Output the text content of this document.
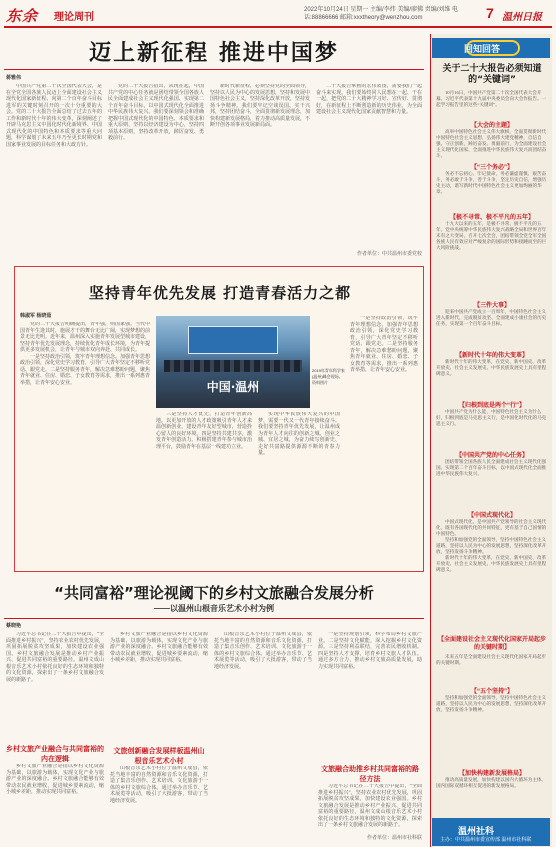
东余 理论周刊
2022年10月24日 星期一 主编/李炜 美编/廖佛 责编/刘维 电话:88866666 邮箱:xxxtheory@wenzhou.com	7 温州日报
迈上新征程 推进中国梦
蒋雅伟

中国共产党第二十次全国代表大会，是在全党全国各族人民迈上全面建设社会主义现代化国家新征程、向第二个百年奋斗目标进军的关键时刻召开的一次十分重要的大会。党的二十大报告全面总结了过去五年的工作和新时代十年的伟大变革，深刻阐述了开辟马克思主义中国化时代化新境界、中国式现代化的中国特色和本质要求等重大问题，科学谋划了未来五年乃至更长时期党和国家事业发展的目标任务和大政方针。

党的二十大报告指出，从现在起，中国共产党的中心任务就是团结带领全国各族人民全面建成社会主义现代化强国、实现第二个百年奋斗目标，以中国式现代化全面推进中华民族伟大复兴。我们要深刻领会和准确把握中国式现代化的中国特色、本质要求和重大原则，坚持以经济建设为中心，坚持四项基本原则，坚持改革开放，踔厉奋发、勇毅前行。

新时代新征程，必须坚持党的全面领导，坚持以人民为中心的发展思想，坚持和发展中国特色社会主义，坚持深化改革开放，坚持发扬斗争精神。我们要牢记空谈误国、实干兴邦，坚持团结奋斗，全面贯彻新发展理念，加快构建新发展格局，着力推动高质量发展，不断开创各项事业发展新局面。

二十大报告擘画的宏伟蓝图，需要我们一起奋斗来实现。我们要始终同人民想在一起、干在一起，把党的二十大精神学习好、宣传好、贯彻好，在新征程上不断创造新的历史伟业，为全面建设社会主义现代化国家贡献智慧和力量。

作者单位：中共温州市委党校
坚持青年优先发展 打造青春活力之都
韩淑军 杨晓茹

党的二十大报告明确提出，青年强，则国家强。当代中国青年生逢其时，施展才干的舞台无比广阔，实现梦想的前景无比光明。近年来，温州深入实施青年发展型城市建设，坚持青年优先发展理念，持续优化青年成长环境，为青年提供更多发展机会，让青年与城市双向奔赴、共同成长。

一是坚持政治引领，筑牢青年理想信念。加强青年思想政治引领，深化党史学习教育，引导广大青年坚定不移听党话、跟党走。二是坚持服务青年，解决急难愁盼问题，聚焦青年就业、住房、婚恋、子女教育等需求，推出一系列惠青举措，让青年安心安业。	中国·温州
2019年青年科学家(温州)峰会现场。资料图片

三是坚持人才优先，打造青年创新高地。以更加开放的人才政策吸引青年人才来温创新创业，建设青年友好型城市，营造拴心留人的良好环境。四是坚持共建共享，激发青年创造活力。积极搭建青年参与城市治理平台，鼓励青年在基层一线建功立业。

实现中华民族伟大复兴的中国梦，需要一代又一代青年接续奋斗。我们要坚持青年优先发展，让温州成为青年人才向往的创新之城、创业之城、宜居之城，为奋力续写创新史、走好共富路提供源源不断的青春力量。

一是坚持政治引领，筑牢青年理想信念。加强青年思想政治引领，深化党史学习教育，引导广大青年坚定不移听党话、跟党走。二是坚持服务青年，解决急难愁盼问题，聚焦青年就业、住房、婚恋、子女教育等需求，推出一系列惠青举措，让青年安心安业。

“共同富裕”理论视阈下的乡村文旅融合发展分析
——以温州山根音乐艺术小村为例
蔡晓艳

习近平总书记在二十大报告中提出，“全面推进乡村振兴”，坚持农业农村优先发展，巩固拓展脱贫攻坚成果，加快建设农业强国。乡村文旅融合发展是推动乡村产业振兴、促进共同富裕的重要路径。温州文成山根音乐艺术小村依托良好的生态环境和独特的文化资源，探索出了一条乡村文旅融合发展的新路子。

乡村文旅产业融合与共同富裕的内在逻辑

乡村文旅产业融合是指以乡村文化资源为基础，以旅游为载体，实现文化产业与旅游产业的深度融合。乡村文旅融合能够有效带动农民就业增收，促进城乡要素流动，缩小城乡差距，推动实现共同富裕。

乡村文旅产业融合是指以乡村文化资源为基础，以旅游为载体，实现文化产业与旅游产业的深度融合。乡村文旅融合能够有效带动农民就业增收，促进城乡要素流动，缩小城乡差距，推动实现共同富裕。

文旅创新融合发展样板温州山根音乐艺术小村

山根音乐艺术小村位于温州文成县，依托当地丰富的自然资源和音乐文化资源，打造了集音乐创作、艺术培训、文化旅游于一体的乡村文旅综合体。通过举办音乐节、艺术展览等活动，吸引了大批游客，带动了当地经济发展。

山根音乐艺术小村位于温州文成县，依托当地丰富的自然资源和音乐文化资源，打造了集音乐创作、艺术培训、文化旅游于一体的乡村文旅综合体。通过举办音乐节、艺术展览等活动，吸引了大批游客，带动了当地经济发展。

一是坚持规划引领，科学布局乡村文旅产业。二是坚持文化赋能，深入挖掘乡村文化资源。三是坚持利益联结，完善农民增收机制。四是坚持人才支撑，培育乡村文旅人才队伍。通过多方合力，推动乡村文旅高质量发展，助力实现共同富裕。

文旅融合助推乡村共同富裕的路径方法

习近平总书记在二十大报告中提出，“全面推进乡村振兴”，坚持农业农村优先发展，巩固拓展脱贫攻坚成果，加快建设农业强国。乡村文旅融合发展是推动乡村产业振兴、促进共同富裕的重要路径。温州文成山根音乐艺术小村依托良好的生态环境和独特的文化资源，探索出了一条乡村文旅融合发展的新路子。

作者单位：温州市社科联
回知回答
关于二十大报告必须知道的“关键词”

10月16日，中国共产党第二十次全国代表大会开幕。习近平代表第十九届中央委员会向大会作报告。一起学习报告里的这些“关键词”。

【大会的主题】

高举中国特色社会主义伟大旗帜，全面贯彻新时代中国特色社会主义思想，弘扬伟大建党精神，自信自强、守正创新，踔厉奋发、勇毅前行，为全面建设社会主义现代化国家、全面推进中华民族伟大复兴而团结奋斗。

【“三个务必”】

务必不忘初心、牢记使命，务必谦虚谨慎、艰苦奋斗，务必敢于斗争、善于斗争，坚定历史自信，增强历史主动，谱写新时代中国特色社会主义更加绚丽的华章。

【极不寻常、极不平凡的五年】

十九大以来的五年，是极不寻常、极不平凡的五年。党中央统筹中华民族伟大复兴战略全局和世界百年未有之大变局，召开七次全会，团结带领全党全军全国各族人民有效应对严峻复杂的国际形势和接踵而至的巨大风险挑战。

【三件大事】

迎来中国共产党成立一百周年，中国特色社会主义进入新时代，完成脱贫攻坚、全面建成小康社会的历史任务，实现第一个百年奋斗目标。

【新时代十年的伟大变革】

新时代十年的伟大变革，在党史、新中国史、改革开放史、社会主义发展史、中华民族发展史上具有里程碑意义。

【归根到底是两个“行”】

中国共产党为什么能，中国特色社会主义为什么好，归根到底是马克思主义行，是中国化时代化的马克思主义行。

【中国共产党的中心任务】

团结带领全国各族人民全面建成社会主义现代化强国、实现第二个百年奋斗目标，以中国式现代化全面推进中华民族伟大复兴。

【中国式现代化】

中国式现代化，是中国共产党领导的社会主义现代化，既有各国现代化的共同特征，更有基于自己国情的中国特色。

坚持和加强党的全面领导，坚持中国特色社会主义道路，坚持以人民为中心的发展思想，坚持深化改革开放，坚持发扬斗争精神。

新时代十年的伟大变革，在党史、新中国史、改革开放史、社会主义发展史、中华民族发展史上具有里程碑意义。

【全面建设社会主义现代化国家开局起步的关键时期】

未来五年是全面建设社会主义现代化国家开局起步的关键时期。

【“五个坚持”】

坚持和加强党的全面领导，坚持中国特色社会主义道路，坚持以人民为中心的发展思想，坚持深化改革开放，坚持发扬斗争精神。

【加快构建新发展格局】

推动高质量发展，加快构建以国内大循环为主体、国内国际双循环相互促进的新发展格局。

温州社科
主办：中共温州市委宣传部 温州市社科联
